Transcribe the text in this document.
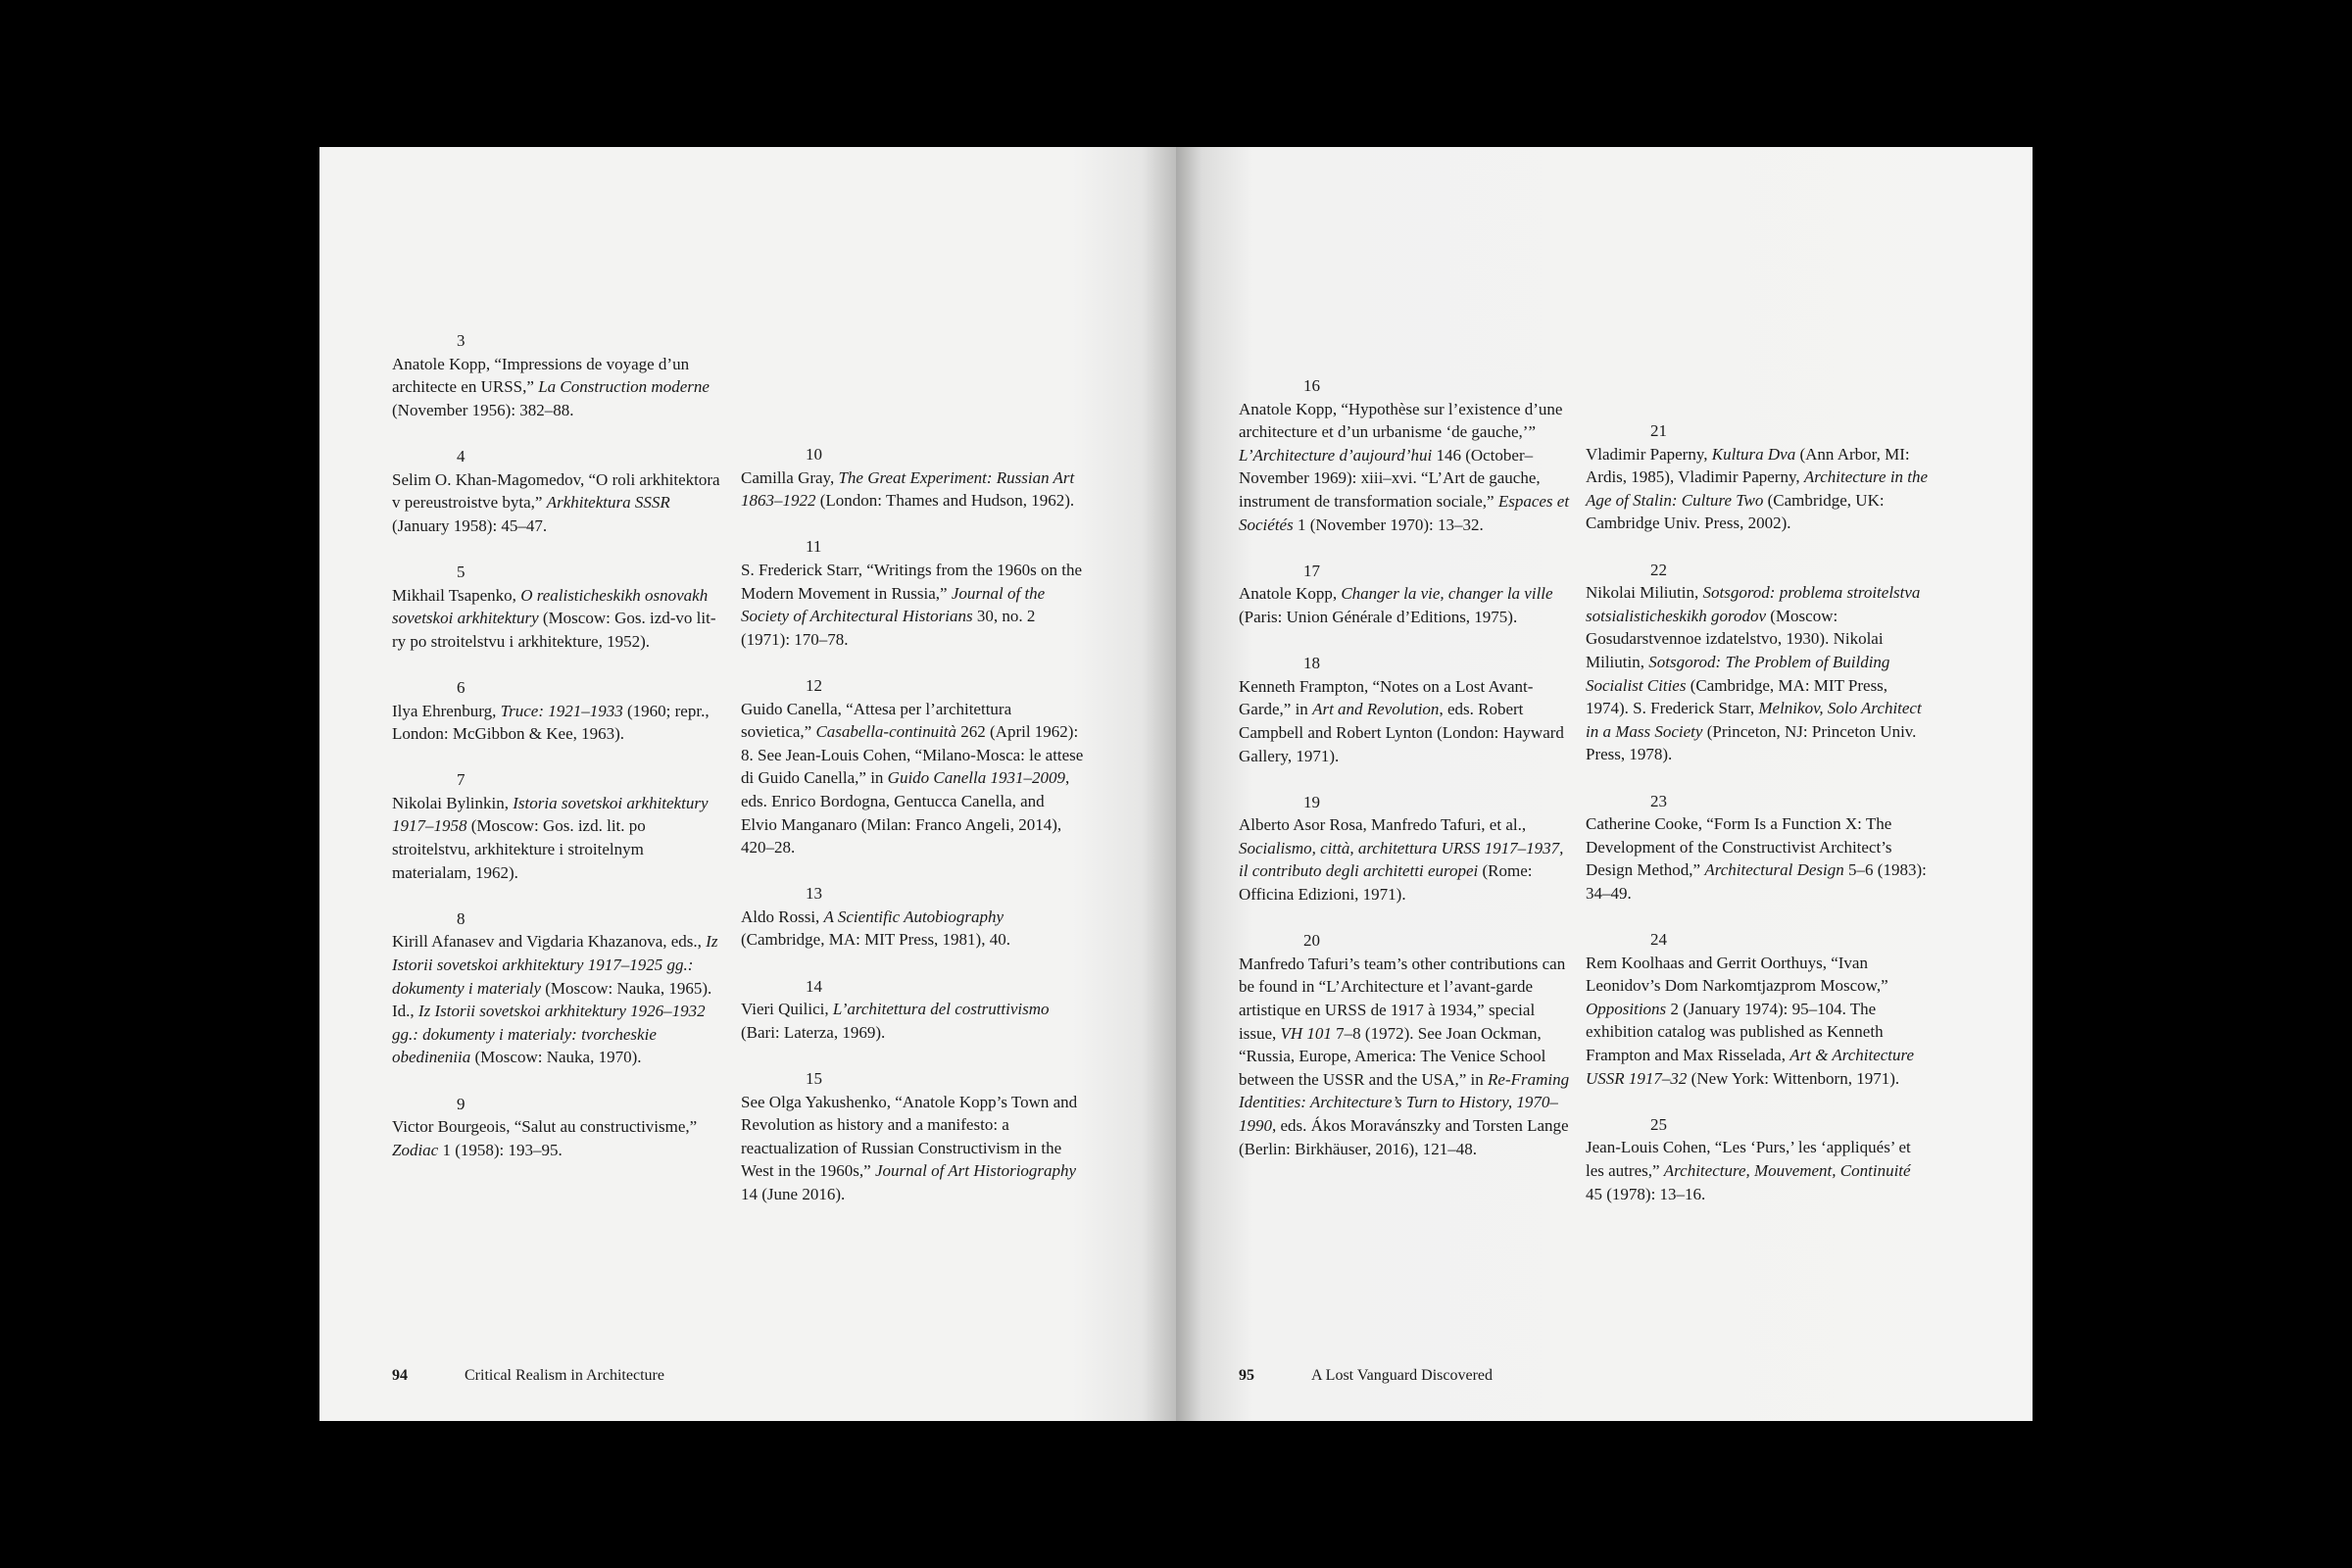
3
Anatole Kopp, “Impressions de voyage d’un architecte en URSS,” La Construction moderne (November 1956): 382–88.
4
Selim O. Khan-Magomedov, “O roli arkhitektora v pereustroistve byta,” Arkhitektura SSSR (January 1958): 45–47.
5
Mikhail Tsapenko, O realisticheskikh osnovakh sovetskoi arkhitektury (Moscow: Gos. izd-vo lit-ry po stroitelstvu i arkhitekture, 1952).
6
Ilya Ehrenburg, Truce: 1921–1933 (1960; repr., London: McGibbon & Kee, 1963).
7
Nikolai Bylinkin, Istoria sovetskoi arkhitektury 1917–1958 (Moscow: Gos. izd. lit. po stroitelstvu, arkhitekture i stroitelnym materialam, 1962).
8
Kirill Afanasev and Vigdaria Khazanova, eds., Iz Istorii sovetskoi arkhitektury 1917–1925 gg.: dokumenty i materialy (Moscow: Nauka, 1965). Id., Iz Istorii sovetskoi arkhitektury 1926–1932 gg.: dokumenty i materialy: tvorcheskie obedineniia (Moscow: Nauka, 1970).
9
Victor Bourgeois, “Salut au constructivisme,” Zodiac 1 (1958): 193–95.
10
Camilla Gray, The Great Experiment: Russian Art 1863–1922 (London: Thames and Hudson, 1962).
11
S. Frederick Starr, “Writings from the 1960s on the Modern Movement in Russia,” Journal of the Society of Architectural Historians 30, no. 2 (1971): 170–78.
12
Guido Canella, “Attesa per l’architettura sovietica,” Casabella-continuità 262 (April 1962): 8. See Jean-Louis Cohen, “Milano-Mosca: le attese di Guido Canella,” in Guido Canella 1931–2009, eds. Enrico Bordogna, Gentucca Canella, and Elvio Manganaro (Milan: Franco Angeli, 2014), 420–28.
13
Aldo Rossi, A Scientific Autobiography (Cambridge, MA: MIT Press, 1981), 40.
14
Vieri Quilici, L’architettura del costruttivismo (Bari: Laterza, 1969).
15
See Olga Yakushenko, “Anatole Kopp’s Town and Revolution as history and a manifesto: a reactualization of Russian Constructivism in the West in the 1960s,” Journal of Art Historiography 14 (June 2016).
94	Critical Realism in Architecture
16
Anatole Kopp, “Hypothèse sur l’existence d’une architecture et d’un urbanisme ‘de gauche,’” L’Architecture d’aujourd’hui 146 (October–November 1969): xiii–xvi. “L’Art de gauche, instrument de transformation sociale,” Espaces et Sociétés 1 (November 1970): 13–32.
17
Anatole Kopp, Changer la vie, changer la ville (Paris: Union Générale d’Editions, 1975).
18
Kenneth Frampton, “Notes on a Lost Avant-Garde,” in Art and Revolution, eds. Robert Campbell and Robert Lynton (London: Hayward Gallery, 1971).
19
Alberto Asor Rosa, Manfredo Tafuri, et al., Socialismo, città, architettura URSS 1917–1937, il contributo degli architetti europei (Rome: Officina Edizioni, 1971).
20
Manfredo Tafuri’s team’s other contributions can be found in “L’Architecture et l’avant-garde artistique en URSS de 1917 à 1934,” special issue, VH 101 7–8 (1972). See Joan Ockman, “Russia, Europe, America: The Venice School between the USSR and the USA,” in Re-Framing Identities: Architecture’s Turn to History, 1970–1990, eds. Ákos Moravánszky and Torsten Lange (Berlin: Birkhäuser, 2016), 121–48.
21
Vladimir Paperny, Kultura Dva (Ann Arbor, MI: Ardis, 1985), Vladimir Paperny, Architecture in the Age of Stalin: Culture Two (Cambridge, UK: Cambridge Univ. Press, 2002).
22
Nikolai Miliutin, Sotsgorod: problema stroitelstva sotsialisticheskikh gorodov (Moscow: Gosudarstvennoe izdatelstvo, 1930). Nikolai Miliutin, Sotsgorod: The Problem of Building Socialist Cities (Cambridge, MA: MIT Press, 1974). S. Frederick Starr, Melnikov, Solo Architect in a Mass Society (Princeton, NJ: Princeton Univ. Press, 1978).
23
Catherine Cooke, “Form Is a Function X: The Development of the Constructivist Architect’s Design Method,” Architectural Design 5–6 (1983): 34–49.
24
Rem Koolhaas and Gerrit Oorthuys, “Ivan Leonidov’s Dom Narkomtjazprom Moscow,” Oppositions 2 (January 1974): 95–104. The exhibition catalog was published as Kenneth Frampton and Max Risselada, Art & Architecture USSR 1917–32 (New York: Wittenborn, 1971).
25
Jean-Louis Cohen, “Les ‘Purs,’ les ‘appliqués’ et les autres,” Architecture, Mouvement, Continuité 45 (1978): 13–16.
95	A Lost Vanguard Discovered
